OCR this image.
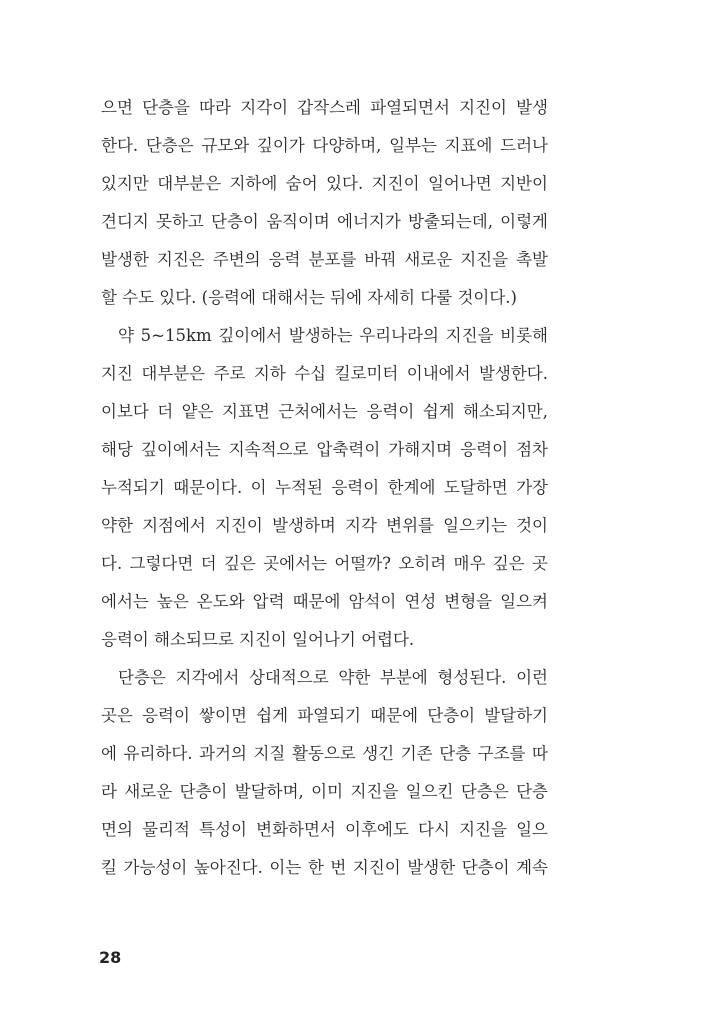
으면 단층을 따라 지각이 갑작스레 파열되면서 지진이 발생
한다. 단층은 규모와 깊이가 다양하며, 일부는 지표에 드러나
있지만 대부분은 지하에 숨어 있다. 지진이 일어나면 지반이
견디지 못하고 단층이 움직이며 에너지가 방출되는데, 이렇게
발생한 지진은 주변의 응력 분포를 바꿔 새로운 지진을 촉발
할 수도 있다. (응력에 대해서는 뒤에 자세히 다룰 것이다.)
약 5~15km 깊이에서 발생하는 우리나라의 지진을 비롯해
지진 대부분은 주로 지하 수십 킬로미터 이내에서 발생한다.
이보다 더 얕은 지표면 근처에서는 응력이 쉽게 해소되지만,
해당 깊이에서는 지속적으로 압축력이 가해지며 응력이 점차
누적되기 때문이다. 이 누적된 응력이 한계에 도달하면 가장
약한 지점에서 지진이 발생하며 지각 변위를 일으키는 것이
다. 그렇다면 더 깊은 곳에서는 어떨까? 오히려 매우 깊은 곳
에서는 높은 온도와 압력 때문에 암석이 연성 변형을 일으켜
응력이 해소되므로 지진이 일어나기 어렵다.
단층은 지각에서 상대적으로 약한 부분에 형성된다. 이런
곳은 응력이 쌓이면 쉽게 파열되기 때문에 단층이 발달하기
에 유리하다. 과거의 지질 활동으로 생긴 기존 단층 구조를 따
라 새로운 단층이 발달하며, 이미 지진을 일으킨 단층은 단층
면의 물리적 특성이 변화하면서 이후에도 다시 지진을 일으
킬 가능성이 높아진다. 이는 한 번 지진이 발생한 단층이 계속
28
